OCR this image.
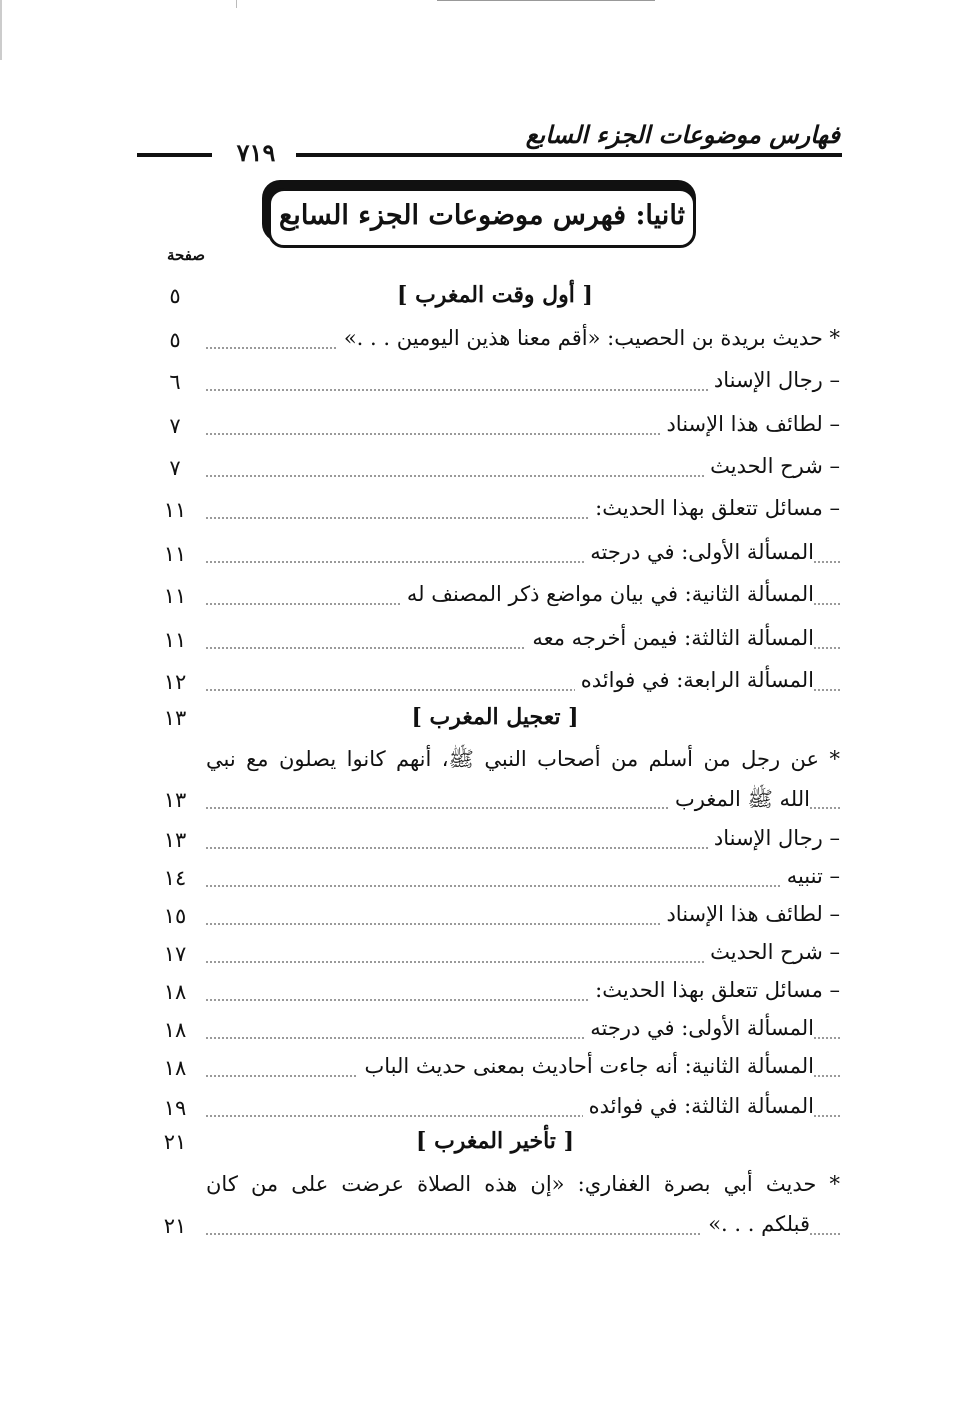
فهارس موضوعات الجزء السابع
٧١٩
ثانيا: فهرس موضوعات الجزء السابع
صفحة
٥	[ أول وقت المغرب ]
٥	* حديث بريدة بن الحصيب: «أقم معنا هذين اليومين . . .»
٦	– رجال الإسناد
٧	– لطائف هذا الإسناد
٧	– شرح الحديث
١١	– مسائل تتعلق بهذا الحديث:
١١	المسألة الأولى: في درجته
١١	المسألة الثانية: في بيان مواضع ذكر المصنف له
١١	المسألة الثالثة: فيمن أخرجه معه
١٢	المسألة الرابعة: في فوائده
١٣	[ تعجيل المغرب ]
* عن رجل من أسلم من أصحاب النبي ﷺ، أنهم كانوا يصلون مع نبي
١٣	الله ﷺ المغرب
١٣	– رجال الإسناد
١٤	– تنبيه
١٥	– لطائف هذا الإسناد
١٧	– شرح الحديث
١٨	– مسائل تتعلق بهذا الحديث:
١٨	المسألة الأولى: في درجته
١٨	المسألة الثانية: أنه جاءت أحاديث بمعنى حديث الباب
١٩	المسألة الثالثة: في فوائده
٢١	[ تأخير المغرب ]
* حديث أبي بصرة الغفاري: «إن هذه الصلاة عرضت على من كان
٢١	قبلكم . . .»
